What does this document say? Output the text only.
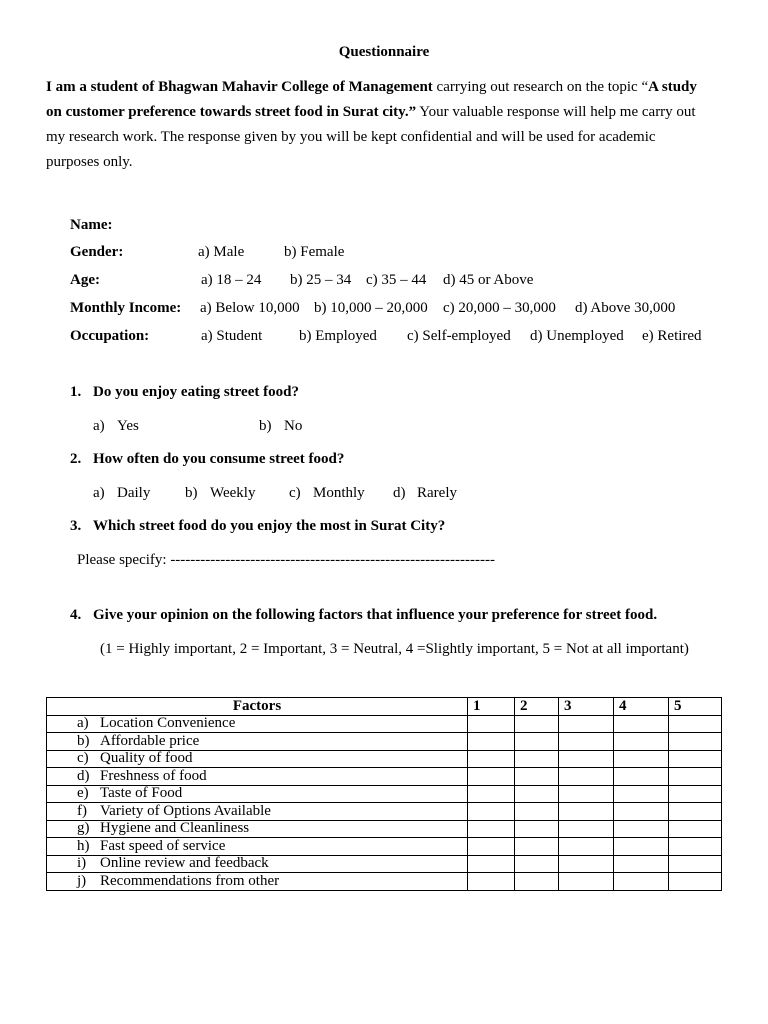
Questionnaire
I am a student of Bhagwan Mahavir College of Management carrying out research on the topic “A study
on customer preference towards street food in Surat city.” Your valuable response will help me carry out
my research work. The response given by you will be kept confidential and will be used for academic
purposes only.
Name:
Gender:	a) Male	b) Female
Age:	a) 18 – 24 b) 25 – 34 c) 35 – 44 d) 45 or Above
Monthly Income: a) Below 10,000 b) 10,000 – 20,000 c) 20,000 – 30,000 d) Above 30,000
Occupation:	a) Student b) Employed c) Self-employed d) Unemployed e) Retired
1. Do you enjoy eating street food?
a) Yes	b) No
2. How often do you consume street food?
a) Daily b) Weekly c) Monthly d) Rarely
3. Which street food do you enjoy the most in Surat City?
Please specify: -----------------------------------------------------------------
4. Give your opinion on the following factors that influence your preference for street food.
(1 = Highly important, 2 = Important, 3 = Neutral, 4 =Slightly important, 5 = Not at all important)
Factors	1	2	3	4	5
a) Location Convenience					
b) Affordable price					
c) Quality of food					
d) Freshness of food					
e) Taste of Food					
f) Variety of Options Available					
g) Hygiene and Cleanliness					
h) Fast speed of service					
i) Online review and feedback					
j) Recommendations from other					
